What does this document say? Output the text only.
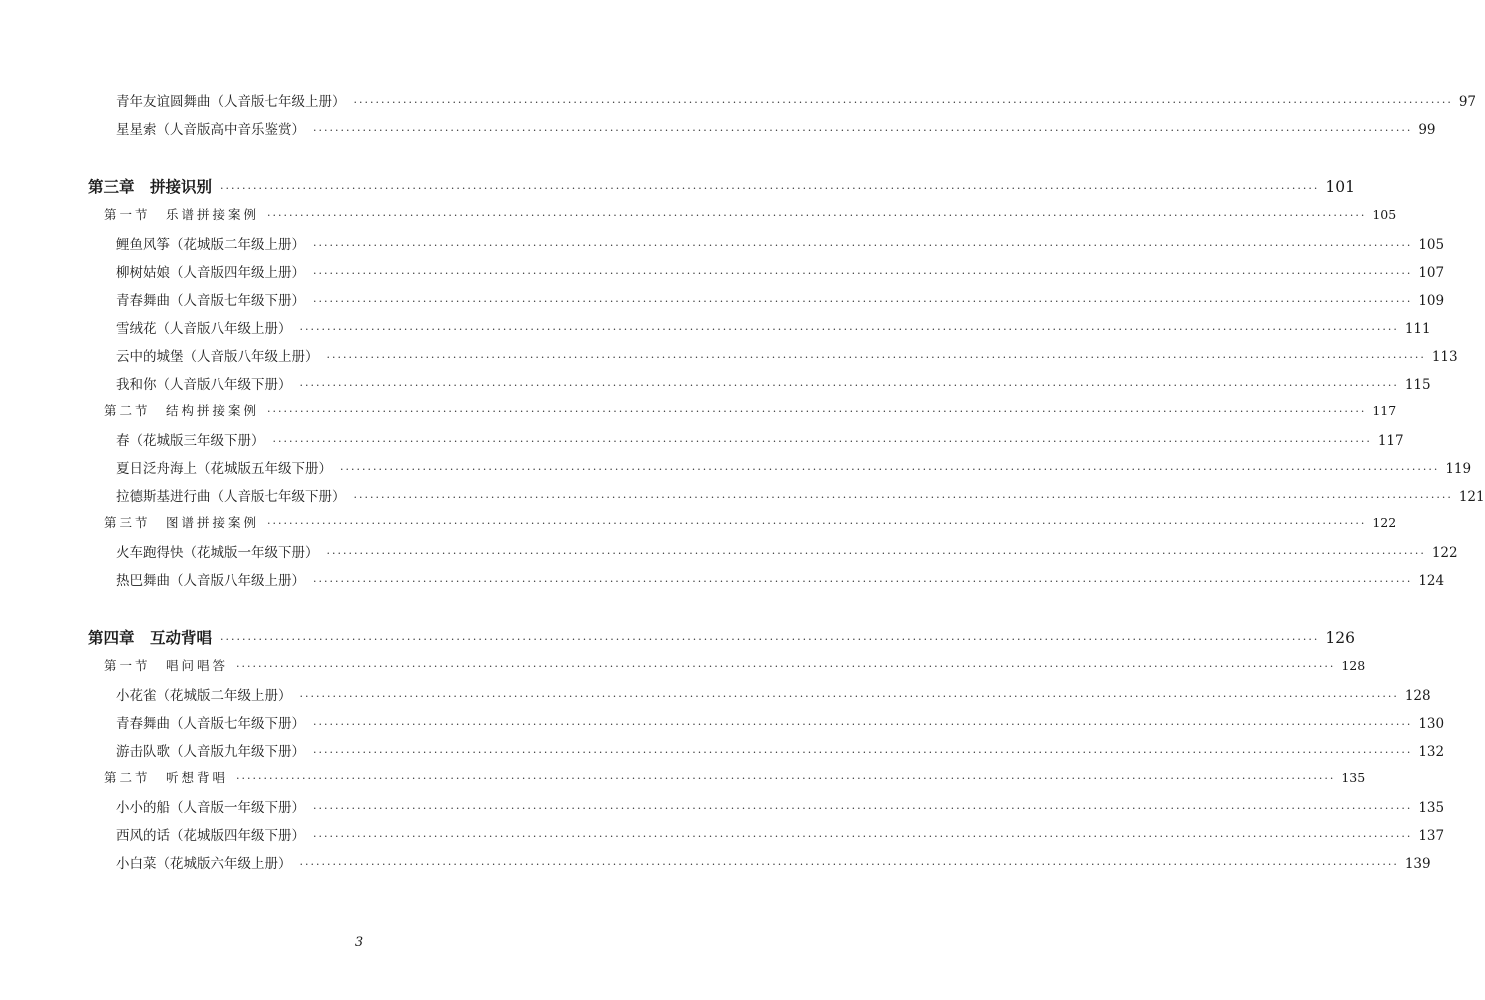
青年友谊圆舞曲（人音版七年级上册） ········································································································································································································ 97
星星索（人音版高中音乐鉴赏） ········································································································································································································ 99
第三章　拼接识别 ········································································································································································································ 101
第一节　乐谱拼接案例 ········································································································································································································ 105
鲤鱼风筝（花城版二年级上册） ········································································································································································································ 105
柳树姑娘（人音版四年级上册） ········································································································································································································ 107
青春舞曲（人音版七年级下册） ········································································································································································································ 109
雪绒花（人音版八年级上册） ········································································································································································································ 111
云中的城堡（人音版八年级上册） ········································································································································································································ 113
我和你（人音版八年级下册） ········································································································································································································ 115
第二节　结构拼接案例 ········································································································································································································ 117
春（花城版三年级下册） ········································································································································································································ 117
夏日泛舟海上（花城版五年级下册） ········································································································································································································ 119
拉德斯基进行曲（人音版七年级下册） ········································································································································································································ 121
第三节　图谱拼接案例 ········································································································································································································ 122
火车跑得快（花城版一年级下册） ········································································································································································································ 122
热巴舞曲（人音版八年级上册） ········································································································································································································ 124
第四章　互动背唱 ········································································································································································································ 126
第一节　唱问唱答 ········································································································································································································ 128
小花雀（花城版二年级上册） ········································································································································································································ 128
青春舞曲（人音版七年级下册） ········································································································································································································ 130
游击队歌（人音版九年级下册） ········································································································································································································ 132
第二节　听想背唱 ········································································································································································································ 135
小小的船（人音版一年级下册） ········································································································································································································ 135
西风的话（花城版四年级下册） ········································································································································································································ 137
小白菜（花城版六年级上册） ········································································································································································································ 139
3
